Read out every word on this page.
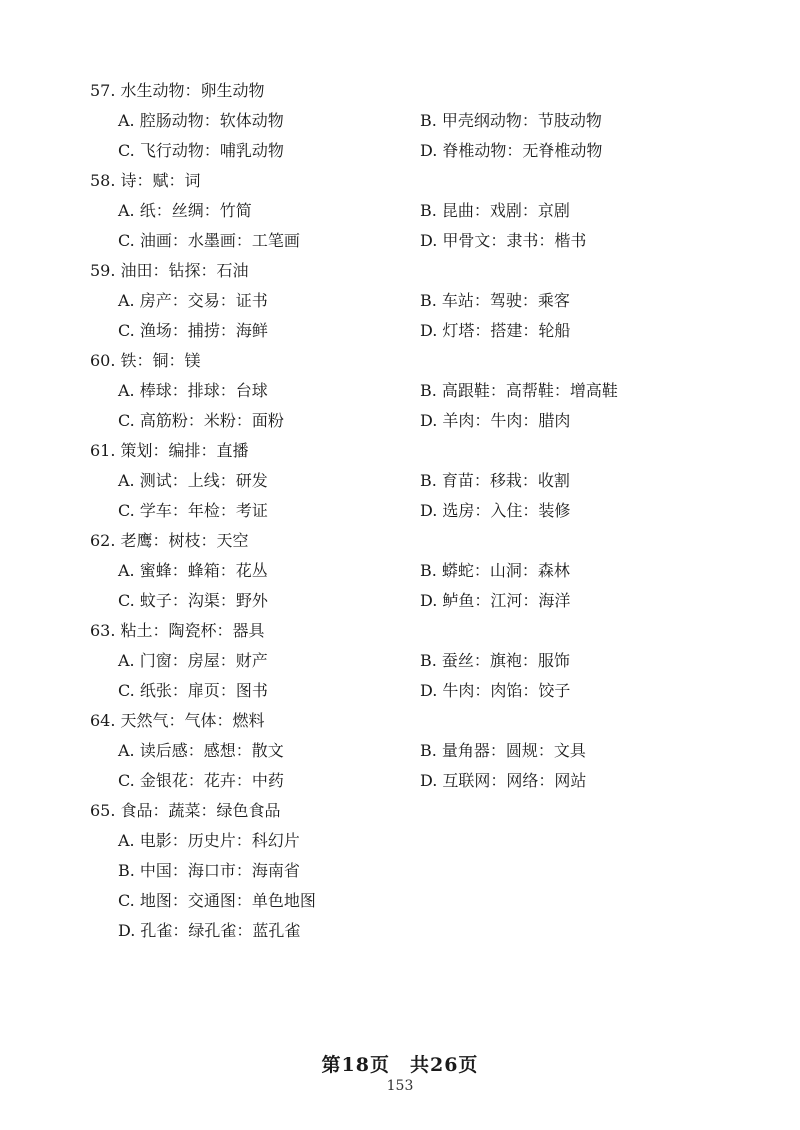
57. 水生动物：卵生动物
A. 腔肠动物：软体动物	B. 甲壳纲动物：节肢动物
C. 飞行动物：哺乳动物	D. 脊椎动物：无脊椎动物
58. 诗：赋：词
A. 纸：丝绸：竹简	B. 昆曲：戏剧：京剧
C. 油画：水墨画：工笔画	D. 甲骨文：隶书：楷书
59. 油田：钻探：石油
A. 房产：交易：证书	B. 车站：驾驶：乘客
C. 渔场：捕捞：海鲜	D. 灯塔：搭建：轮船
60. 铁：铜：镁
A. 棒球：排球：台球	B. 高跟鞋：高帮鞋：增高鞋
C. 高筋粉：米粉：面粉	D. 羊肉：牛肉：腊肉
61. 策划：编排：直播
A. 测试：上线：研发	B. 育苗：移栽：收割
C. 学车：年检：考证	D. 选房：入住：装修
62. 老鹰：树枝：天空
A. 蜜蜂：蜂箱：花丛	B. 蟒蛇：山洞：森林
C. 蚊子：沟渠：野外	D. 鲈鱼：江河：海洋
63. 粘土：陶瓷杯：器具
A. 门窗：房屋：财产	B. 蚕丝：旗袍：服饰
C. 纸张：扉页：图书	D. 牛肉：肉馅：饺子
64. 天然气：气体：燃料
A. 读后感：感想：散文	B. 量角器：圆规：文具
C. 金银花：花卉：中药	D. 互联网：网络：网站
65. 食品：蔬菜：绿色食品
A. 电影：历史片：科幻片
B. 中国：海口市：海南省
C. 地图：交通图：单色地图
D. 孔雀：绿孔雀：蓝孔雀
第18页　共26页
153
